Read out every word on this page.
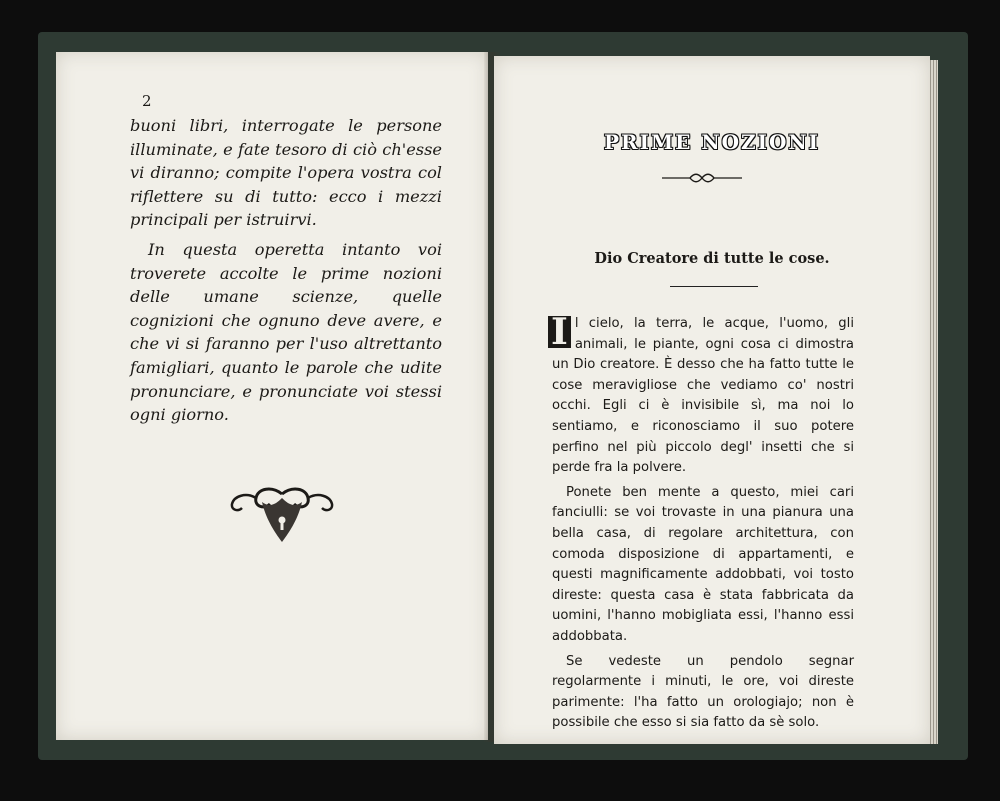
2

buoni libri, interrogate le persone illuminate, e fate tesoro di ciò ch'esse vi diranno; compite l'opera vostra col riflettere su di tutto: ecco i mezzi principali per istruirvi.

In questa operetta intanto voi troverete accolte le prime nozioni delle umane scienze, quelle cognizioni che ognuno deve avere, e che vi si faranno per l'uso altrettanto famigliari, quanto le parole che udite pronunciare, e pronunciate voi stessi ogni giorno.

PRIME NOZIONI
Dio Creatore di tutte le cose.

I l cielo, la terra, le acque, l'uomo, gli animali, le piante, ogni cosa ci dimostra un Dio creatore. È desso che ha fatto tutte le cose meravigliose che vediamo co' nostri occhi. Egli ci è invisibile sì, ma noi lo sentiamo, e riconosciamo il suo potere perfino nel più piccolo degl' insetti che si perde fra la polvere.

Ponete ben mente a questo, miei cari fanciulli: se voi trovaste in una pianura una bella casa, di regolare architettura, con comoda disposizione di appartamenti, e questi magnificamente addobbati, voi tosto direste: questa casa è stata fabbricata da uomini, l'hanno mobigliata essi, l'hanno essi addobbata.

Se vedeste un pendolo segnar regolarmente i minuti, le ore, voi direste parimente: l'ha fatto un orologiajo; non è possibile che esso si sia fatto da sè solo.
